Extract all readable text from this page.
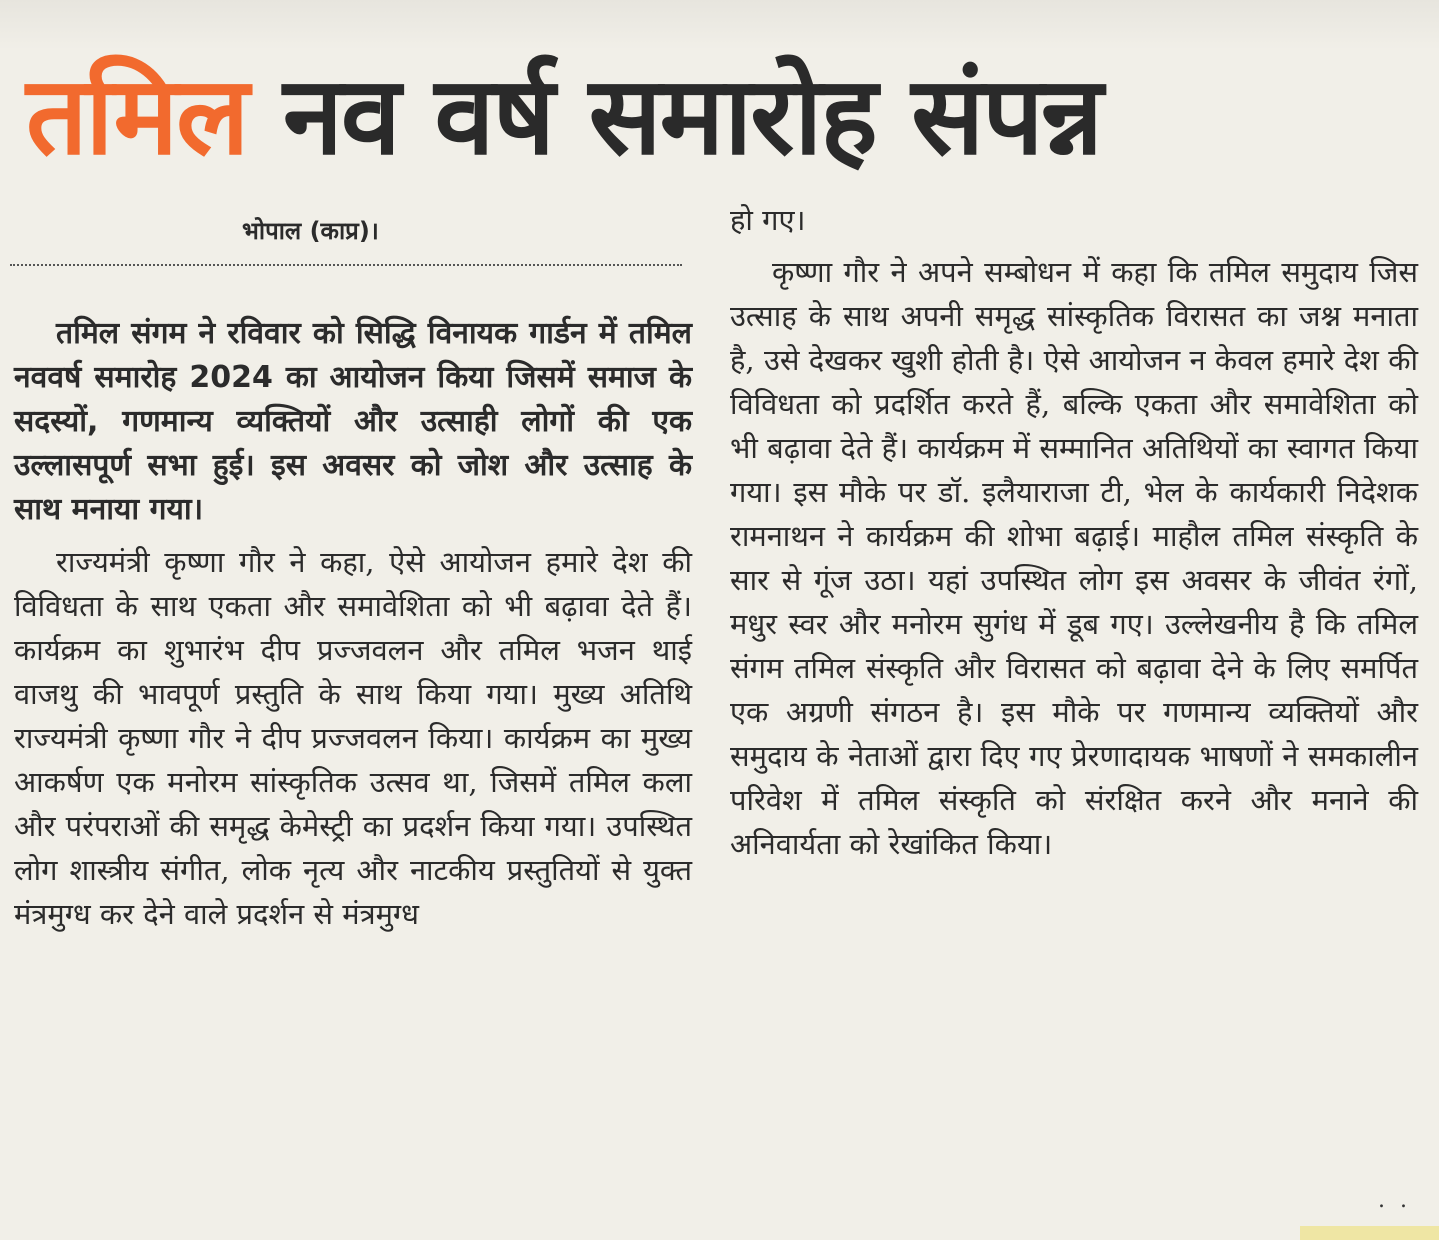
तमिल नव वर्ष समारोह संपन्न
भोपाल (काप्र)।

तमिल संगम ने रविवार को सिद्धि विनायक गार्डन में तमिल नववर्ष समारोह 2024 का आयोजन किया जिसमें समाज के सदस्यों, गणमान्य व्यक्तियों और उत्साही लोगों की एक उल्लासपूर्ण सभा हुई। इस अवसर को जोश और उत्साह के साथ मनाया गया।

राज्यमंत्री कृष्णा गौर ने कहा, ऐसे आयोजन हमारे देश की विविधता के साथ एकता और समावेशिता को भी बढ़ावा देते हैं। कार्यक्रम का शुभारंभ दीप प्रज्जवलन और तमिल भजन थाई वाजथु की भावपूर्ण प्रस्तुति के साथ किया गया। मुख्य अतिथि राज्यमंत्री कृष्णा गौर ने दीप प्रज्जवलन किया। कार्यक्रम का मुख्य आकर्षण एक मनोरम सांस्कृतिक उत्सव था, जिसमें तमिल कला और परंपराओं की समृद्ध केमेस्ट्री का प्रदर्शन किया गया। उपस्थित लोग शास्त्रीय संगीत, लोक नृत्य और नाटकीय प्रस्तुतियों से युक्त मंत्रमुग्ध कर देने वाले प्रदर्शन से मंत्रमुग्ध

हो गए।

कृष्णा गौर ने अपने सम्बोधन में कहा कि तमिल समुदाय जिस उत्साह के साथ अपनी समृद्ध सांस्कृतिक विरासत का जश्न मनाता है, उसे देखकर खुशी होती है। ऐसे आयोजन न केवल हमारे देश की विविधता को प्रदर्शित करते हैं, बल्कि एकता और समावेशिता को भी बढ़ावा देते हैं। कार्यक्रम में सम्मानित अतिथियों का स्वागत किया गया। इस मौके पर डॉ. इलैयाराजा टी, भेल के कार्यकारी निदेशक रामनाथन ने कार्यक्रम की शोभा बढ़ाई। माहौल तमिल संस्कृति के सार से गूंज उठा। यहां उपस्थित लोग इस अवसर के जीवंत रंगों, मधुर स्वर और मनोरम सुगंध में डूब गए। उल्लेखनीय है कि तमिल संगम तमिल संस्कृति और विरासत को बढ़ावा देने के लिए समर्पित एक अग्रणी संगठन है। इस मौके पर गणमान्य व्यक्तियों और समुदाय के नेताओं द्वारा दिए गए प्रेरणादायक भाषणों ने समकालीन परिवेश में तमिल संस्कृति को संरक्षित करने और मनाने की अनिवार्यता को रेखांकित किया।

. .
